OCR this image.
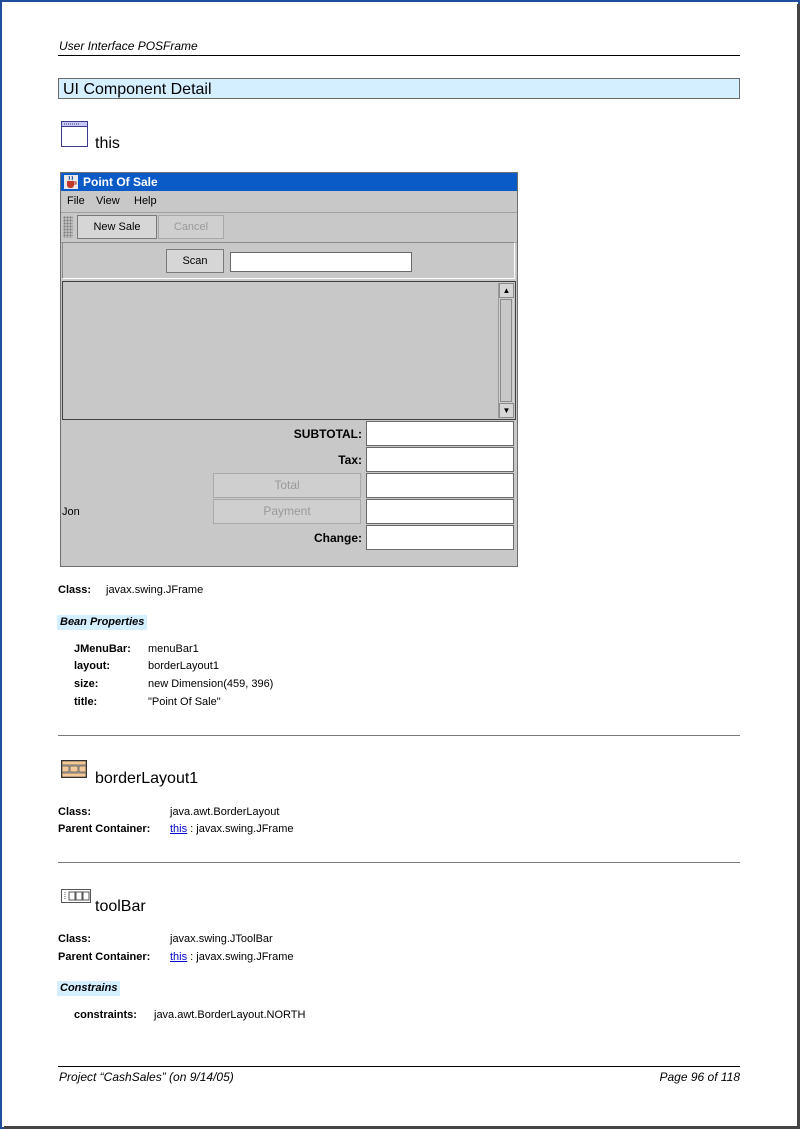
User Interface POSFrame
UI Component Detail
this
Point Of Sale
File View Help
New Sale	Cancel
Scan
▲
▼
SUBTOTAL:
Tax:
Total
Jon	Payment
Change:
Class: javax.swing.JFrame
Bean Properties
JMenuBar: menuBar1
layout:	borderLayout1
size:	new Dimension(459, 396)
title:	"Point Of Sale"
borderLayout1
Class:	java.awt.BorderLayout
Parent Container: this : javax.swing.JFrame
toolBar
Class:	javax.swing.JToolBar
Parent Container: this : javax.swing.JFrame
Constrains
constraints: java.awt.BorderLayout.NORTH
Project “CashSales” (on 9/14/05)	Page 96 of 118
